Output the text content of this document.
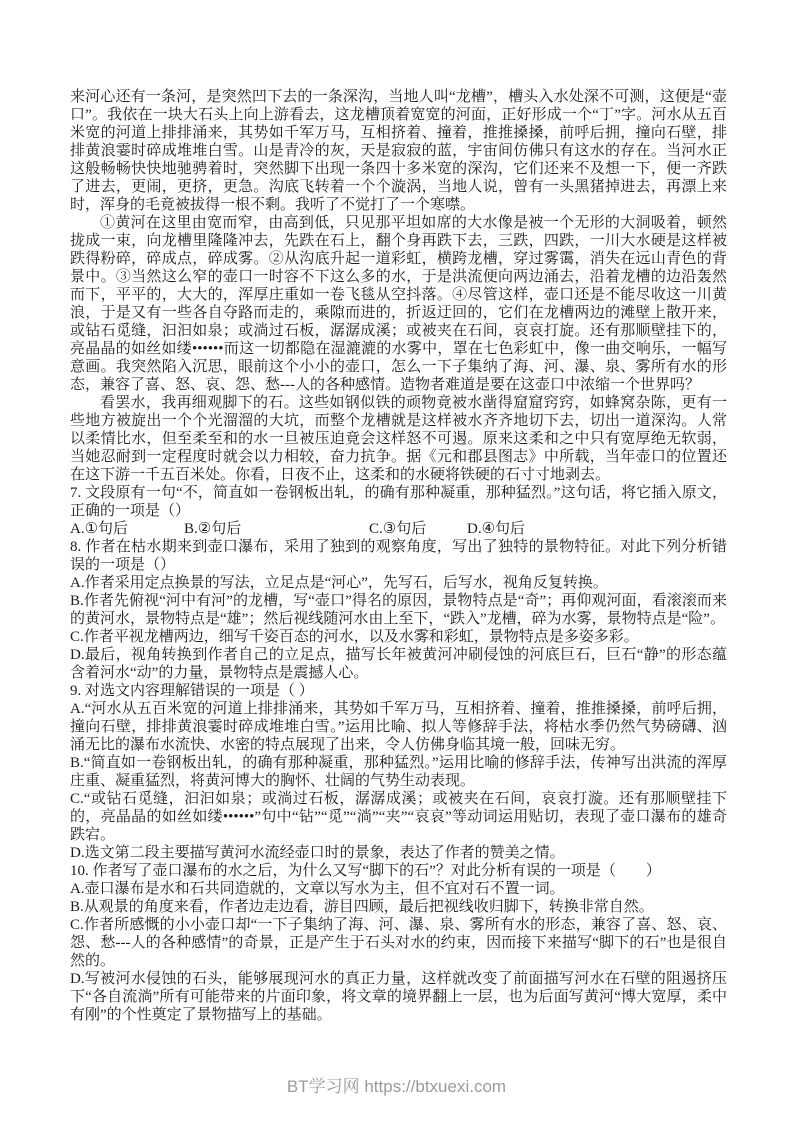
来河心还有一条河，是突然凹下去的一条深沟，当地人叫“龙槽”，槽头入水处深不可测，这便是“壶口”。我依在一块大石头上向上游看去，这龙槽顶着宽宽的河面，正好形成一个“丁”字。河水从五百米宽的河道上排排涌来，其势如千军万马，互相挤着、撞着，推推搡搡，前呼后拥，撞向石壁，排排黄浪霎时碎成堆堆白雪。山是青冷的灰，天是寂寂的蓝，宇宙间仿佛只有这水的存在。当河水正这般畅畅快快地驰骋着时，突然脚下出现一条四十多米宽的深沟，它们还来不及想一下，便一齐跌了进去，更闹，更挤，更急。沟底飞转着一个个漩涡，当地人说，曾有一头黑猪掉进去，再漂上来时，浑身的毛竟被拔得一根不剩。我听了不觉打了一个寒噤。

①黄河在这里由宽而窄，由高到低，只见那平坦如席的大水像是被一个无形的大洞吸着，顿然拢成一束，向龙槽里隆隆冲去，先跌在石上，翻个身再跌下去，三跌，四跌，一川大水硬是这样被跌得粉碎，碎成点，碎成雾。②从沟底升起一道彩虹，横跨龙槽，穿过雾霭，消失在远山青色的背景中。③当然这么窄的壶口一时容不下这么多的水，于是洪流便向两边涌去，沿着龙槽的边沿轰然而下，平平的，大大的，浑厚庄重如一卷飞毯从空抖落。④尽管这样，壶口还是不能尽收这一川黄浪，于是又有一些各自夺路而走的，乘隙而进的，折返迂回的，它们在龙槽两边的滩壁上散开来，或钻石觅缝，汩汩如泉；或淌过石板，潺潺成溪；或被夹在石间，哀哀打旋。还有那顺壁挂下的，亮晶晶的如丝如缕••••••而这一切都隐在湿漉漉的水雾中，罩在七色彩虹中，像一曲交响乐，一幅写意画。我突然陷入沉思，眼前这个小小的壶口，怎么一下子集纳了海、河、瀑、泉、雾所有水的形态，兼容了喜、怒、哀、怨、愁---人的各种感情。造物者难道是要在这壶口中浓缩一个世界吗？

看罢水，我再细观脚下的石。这些如钢似铁的顽物竟被水凿得窟窟窍窍，如蜂窝杂陈，更有一些地方被旋出一个个光溜溜的大坑，而整个龙槽就是这样被水齐齐地切下去，切出一道深沟。人常以柔情比水，但至柔至和的水一旦被压迫竟会这样怒不可遏。原来这柔和之中只有宽厚绝无软弱，当她忍耐到一定程度时就会以力相较，奋力抗争。据《元和郡县图志》中所载，当年壶口的位置还在这下游一千五百米处。你看，日夜不止，这柔和的水硬将铁硬的石寸寸地剥去。

7. 文段原有一句“不，简直如一卷钢板出轧，的确有那种凝重，那种猛烈。”这句话，将它插入原文，正确的一项是（）

A.①句后	B.②句后	C.③句后	D.④句后

8. 作者在枯水期来到壶口瀑布，采用了独到的观察角度，写出了独特的景物特征。对此下列分析错误的一项是（）

A.作者采用定点换景的写法，立足点是“河心”，先写石，后写水，视角反复转换。

B.作者先俯视“河中有河”的龙槽，写“壶口”得名的原因，景物特点是“奇”；再仰观河面，看滚滚而来的黄河水，景物特点是“雄”；然后视线随河水由上至下，“跌入”龙槽，碎为水雾，景物特点是“险”。

C.作者平视龙槽两边，细写千姿百态的河水，以及水雾和彩虹，景物特点是多姿多彩。

D.最后，视角转换到作者自己的立足点，描写长年被黄河冲刷侵蚀的河底巨石，巨石“静”的形态蕴含着河水“动”的力量，景物特点是震撼人心。

9. 对选文内容理解错误的一项是（ ）

A.“河水从五百米宽的河道上排排涌来，其势如千军万马，互相挤着、撞着，推推搡搡，前呼后拥，撞向石壁，排排黄浪霎时碎成堆堆白雪。”运用比喻、拟人等修辞手法，将枯水季仍然气势磅礴、汹涌无比的瀑布水流快、水密的特点展现了出来，令人仿佛身临其境一般，回味无穷。

B.“简直如一卷钢板出轧，的确有那种凝重，那种猛烈。”运用比喻的修辞手法，传神写出洪流的浑厚庄重、凝重猛烈，将黄河博大的胸怀、壮阔的气势生动表现。

C.“或钻石觅缝，汩汩如泉；或淌过石板，潺潺成溪；或被夹在石间，哀哀打漩。还有那顺壁挂下的，亮晶晶的如丝如缕••••••”句中“钻”“觅”“淌”“夹”“哀哀”等动词运用贴切，表现了壶口瀑布的雄奇跌宕。

D.选文第二段主要描写黄河水流经壶口时的景象，表达了作者的赞美之情。

10. 作者写了壶口瀑布的水之后，为什么又写“脚下的石”？对此分析有误的一项是（　　）

A.壶口瀑布是水和石共同造就的，文章以写水为主，但不宜对石不置一词。

B.从观景的角度来看，作者边走边看，游目四顾，最后把视线收归脚下，转换非常自然。

C.作者所感慨的小小壶口却“一下子集纳了海、河、瀑、泉、雾所有水的形态，兼容了喜、怒、哀、怨、愁---人的各种感情”的奇景，正是产生于石头对水的约束，因而接下来描写“脚下的石”也是很自然的。

D.写被河水侵蚀的石头，能够展现河水的真正力量，这样就改变了前面描写河水在石壁的阻遏挤压下“各自流淌”所有可能带来的片面印象，将文章的境界翻上一层，也为后面写黄河“博大宽厚，柔中有刚”的个性奠定了景物描写上的基础。

BT学习网 https://btxuexi.com
